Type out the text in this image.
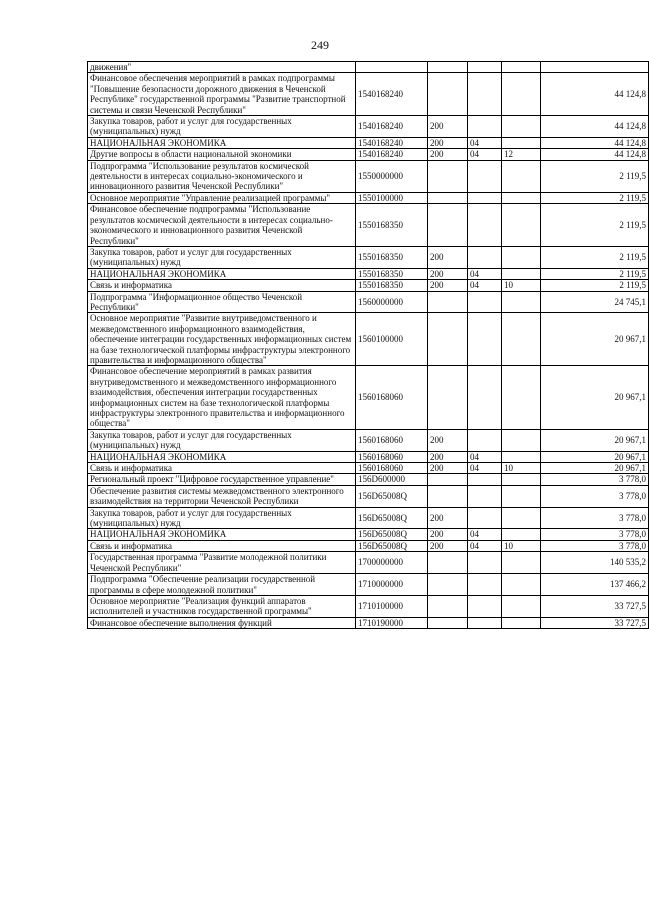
249
движения"					
Финансовое обеспечения мероприятий в рамках подпрограммы "Повышение безопасности дорожного движения в Чеченской Республике" государственной программы "Развитие транспортной системы и связи Чеченской Республики"	1540168240				44 124,8
Закупка товаров, работ и услуг для государственных (муниципальных) нужд	1540168240	200			44 124,8
НАЦИОНАЛЬНАЯ ЭКОНОМИКА	1540168240	200	04		44 124,8
Другие вопросы в области национальной экономики	1540168240	200	04	12	44 124,8
Подпрограмма "Использование результатов космической деятельности в интересах социально-экономического и инновационного развития Чеченской Республики"	1550000000				2 119,5
Основное мероприятие "Управление реализацией программы"	1550100000				2 119,5
Финансовое обеспечение подпрограммы "Использование результатов космической деятельности в интересах социально-экономического и инновационного развития Чеченской Республики"	1550168350				2 119,5
Закупка товаров, работ и услуг для государственных (муниципальных) нужд	1550168350	200			2 119,5
НАЦИОНАЛЬНАЯ ЭКОНОМИКА	1550168350	200	04		2 119,5
Связь и информатика	1550168350	200	04	10	2 119,5
Подпрограмма "Информационное общество Чеченской Республики"	1560000000				24 745,1
Основное мероприятие "Развитие внутриведомственного и межведомственного информационного взаимодействия, обеспечение интеграции государственных информационных систем на базе технологической платформы инфраструктуры электронного правительства и информационного общества"	1560100000				20 967,1
Финансовое обеспечение мероприятий в рамках развития внутриведомственного и межведомственного информационного взаимодействия, обеспечения интеграции государственных информационных систем на базе технологической платформы инфраструктуры электронного правительства и информационного общества"	1560168060				20 967,1
Закупка товаров, работ и услуг для государственных (муниципальных) нужд	1560168060	200			20 967,1
НАЦИОНАЛЬНАЯ ЭКОНОМИКА	1560168060	200	04		20 967,1
Связь и информатика	1560168060	200	04	10	20 967,1
Региональный проект "Цифровое государственное управление"	156D600000				3 778,0
Обеспечение развития системы межведомственного электронного взаимодействия на территории Чеченской Республики	156D65008Q				3 778,0
Закупка товаров, работ и услуг для государственных (муниципальных) нужд	156D65008Q	200			3 778,0
НАЦИОНАЛЬНАЯ ЭКОНОМИКА	156D65008Q	200	04		3 778,0
Связь и информатика	156D65008Q	200	04	10	3 778,0
Государственная программа "Развитие молодежной политики Чеченской Республики"	1700000000				140 535,2
Подпрограмма "Обеспечение реализации государственной программы в сфере молодежной политики"	1710000000				137 466,2
Основное мероприятие "Реализация функций аппаратов исполнителей и участников государственной программы"	1710100000				33 727,5
Финансовое обеспечение выполнения функций	1710190000				33 727,5
